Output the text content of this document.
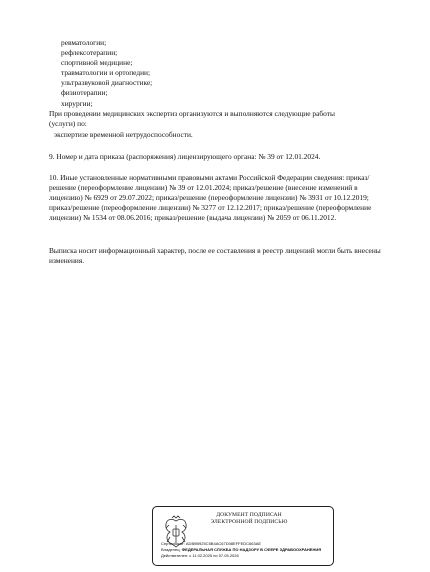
ревматологии;
рефлексотерапии;
спортивной медицине;
травматологии и ортопедии;
ультразвуковой диагностике;
физиотерапии;
хирургии;
При проведении медицинских экспертиз организуются и выполняются следующие работы
(услуги) по:
экспертизе временной нетрудоспособности.
9. Номер и дата приказа (распоряжения) лицензирующего органа: № 39 от 12.01.2024.
10. Иные установленные нормативными правовыми актами Российской Федерации сведения: приказ/решение (переоформление лицензии) № 39 от 12.01.2024; приказ/решение (внесение изменений в лицензию) № 6929 от 29.07.2022; приказ/решение (переоформление лицензии) № 3931 от 10.12.2019; приказ/решение (переоформление лицензии) № 3277 от 12.12.2017; приказ/решение (переоформление лицензии) № 1534 от 08.06.2016; приказ/решение (выдача лицензии) № 2059 от 06.11.2012.
Выписка носит информационный характер, после ее составления в реестр лицензий могли быть внесены изменения.
ДОКУМЕНТ ПОДПИСАН
ЭЛЕКТРОННОЙ ПОДПИСЬЮ
Сертификат: ADB9B925C5B4AC67D08EFFEDC663AE
Владелец: ФЕДЕРАЛЬНАЯ СЛУЖБА ПО НАДЗОРУ В СФЕРЕ ЗДРАВООХРАНЕНИЯ
Действителен: с 11.02.2025 по 07.05.2026
